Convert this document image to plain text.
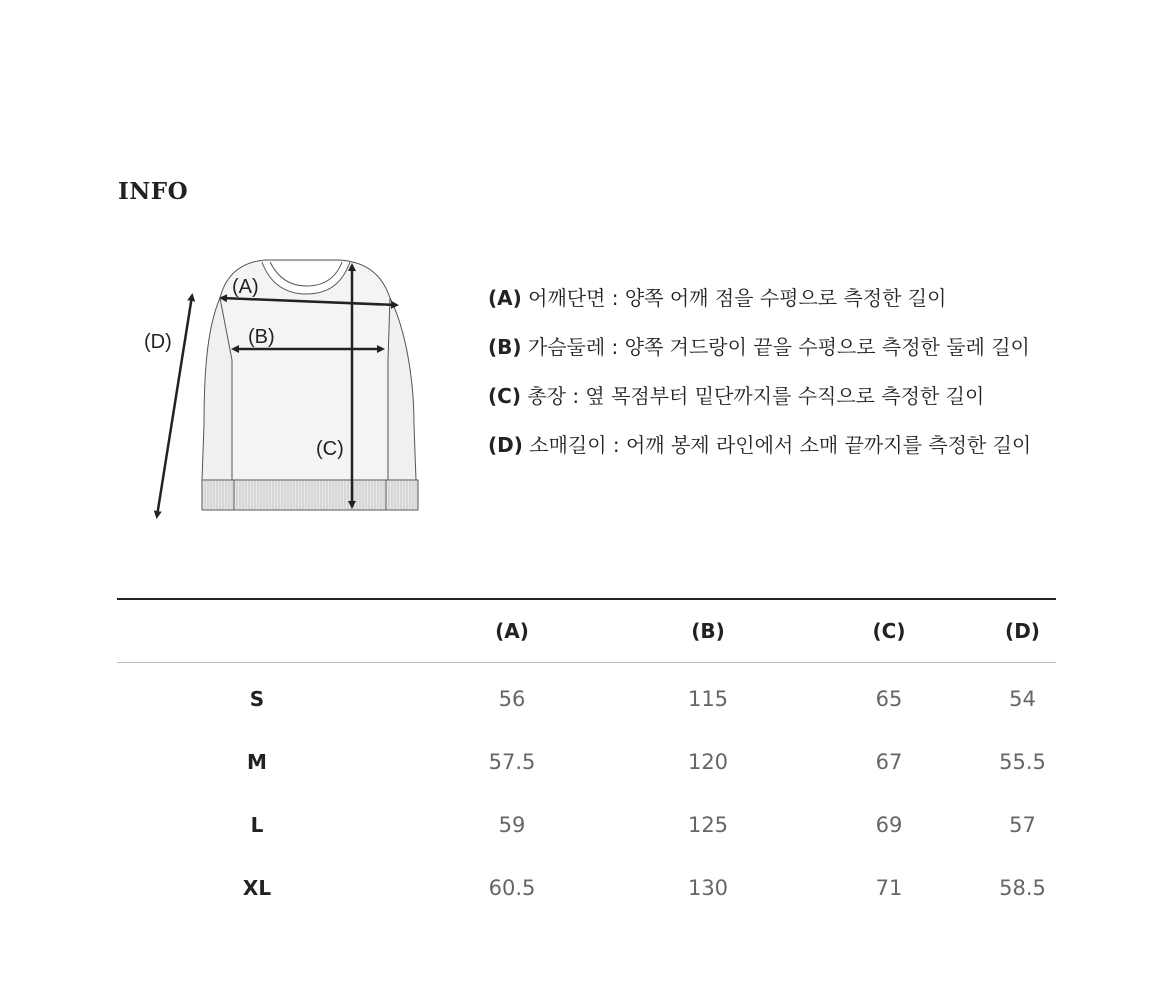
INFO
(A)
(B)
(C)
(D)
(A) 어깨단면 : 양쪽 어깨 점을 수평으로 측정한 길이
(B) 가슴둘레 : 양쪽 겨드랑이 끝을 수평으로 측정한 둘레 길이
(C) 총장 : 옆 목점부터 밑단까지를 수직으로 측정한 길이
(D) 소매길이 : 어깨 봉제 라인에서 소매 끝까지를 측정한 길이
	(A)	(B)	(C)	(D)
S	56	115	65	54
M	57.5	120	67	55.5
L	59	125	69	57
XL	60.5	130	71	58.5
